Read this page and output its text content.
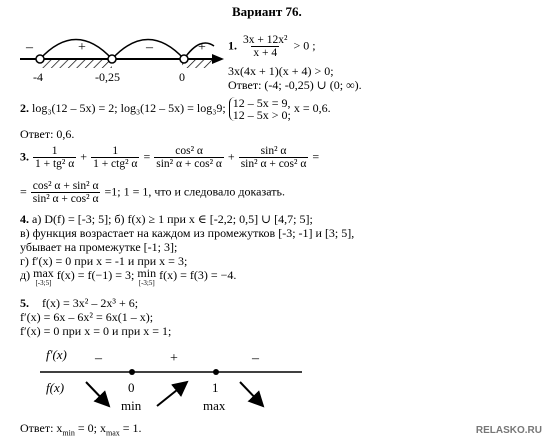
Вариант 76.
–	+	–	+
-4	-0,25	0
1. $\frac{\text{3x + 12x²}}{x + 4} > 0$ ;
3x(4x + 1)(x + 4) > 0;
Ответ: (-4; -0,25) ∪ (0; ∞).
2. log₃(12 – 5x) = 2; log₃(12 – 5x) = log₃9; 12 – 5x = 9,
12 – 5x > 0; x = 0,6.
Ответ: 0,6.
3. $\frac{1}{\text{1 + tg² α}} + \frac{1}{\text{1 + ctg² α}} = \frac{\text{cos² α}}{\text{sin² α + cos² α}} + \frac{\text{sin² α}}{\text{sin² α + cos² α}}$ =
= $\frac{\text{cos² α + sin² α}}{\text{sin² α + cos² α}} =1$; 1 = 1, что и следовало доказать.
4. а) D(f) = [-3; 5]; б) f(x) ≥ 1 при x ∈ [-2,2; 0,5] ∪ [4,7; 5];
в) функция возрастает на каждом из промежутков [-3; -1] и [3; 5],
убывает на промежутке [-1; 3];
г) f′(x) = 0 при x = -1 и при x = 3;
д) max
[-3;5]
f(x) = f(−1) = 3; min
[-3;5]
f(x) = f(3) = −4.
5. f(x) = 3x² – 2x³ + 6;
f′(x) = 6x – 6x² = 6x(1 – x);
f′(x) = 0 при x = 0 и при x = 1;
f′(x)
f(x)
–	+	–
0	1
min	max
Ответ: $x_{min} = 0$; $x_{max} = 1$.	RELASKO.RU
